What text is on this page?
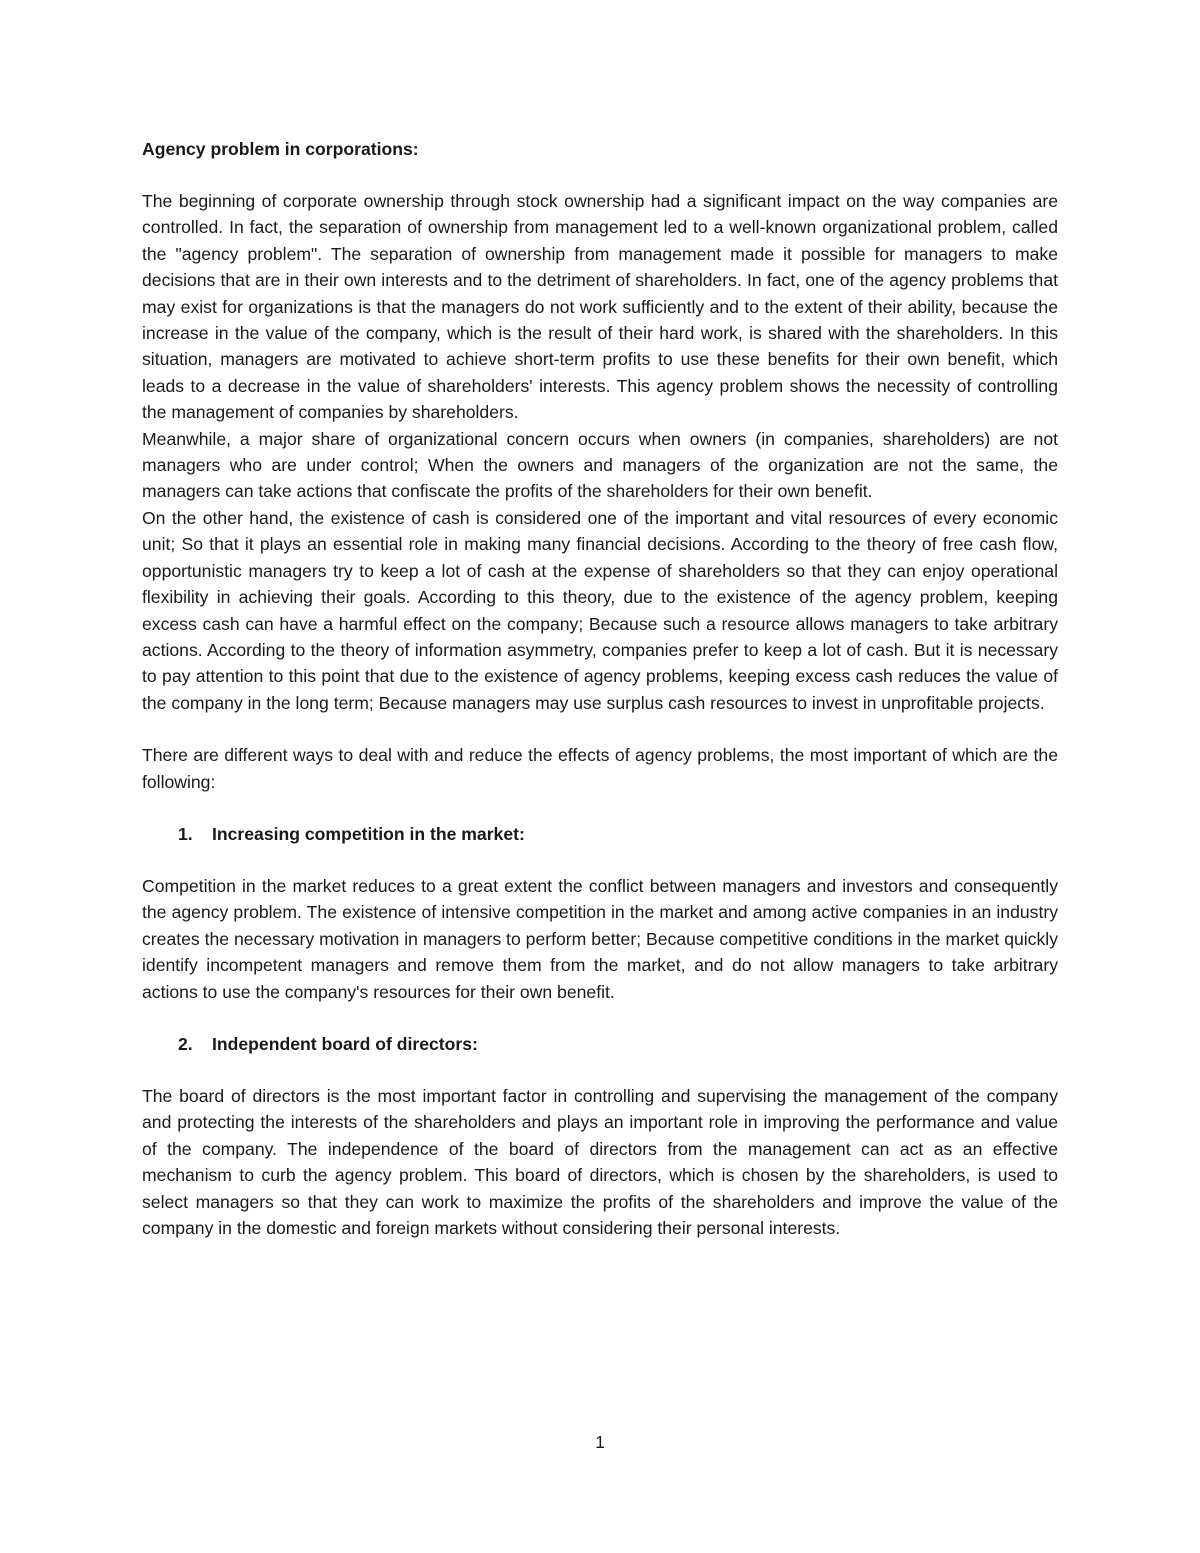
Agency problem in corporations:

The beginning of corporate ownership through stock ownership had a significant impact on the way companies are controlled. In fact, the separation of ownership from management led to a well-known organizational problem, called the "agency problem". The separation of ownership from management made it possible for managers to make decisions that are in their own interests and to the detriment of shareholders. In fact, one of the agency problems that may exist for organizations is that the managers do not work sufficiently and to the extent of their ability, because the increase in the value of the company, which is the result of their hard work, is shared with the shareholders. In this situation, managers are motivated to achieve short-term profits to use these benefits for their own benefit, which leads to a decrease in the value of shareholders' interests. This agency problem shows the necessity of controlling the management of companies by shareholders.

Meanwhile, a major share of organizational concern occurs when owners (in companies, shareholders) are not managers who are under control; When the owners and managers of the organization are not the same, the managers can take actions that confiscate the profits of the shareholders for their own benefit.

On the other hand, the existence of cash is considered one of the important and vital resources of every economic unit; So that it plays an essential role in making many financial decisions. According to the theory of free cash flow, opportunistic managers try to keep a lot of cash at the expense of shareholders so that they can enjoy operational flexibility in achieving their goals. According to this theory, due to the existence of the agency problem, keeping excess cash can have a harmful effect on the company; Because such a resource allows managers to take arbitrary actions. According to the theory of information asymmetry, companies prefer to keep a lot of cash. But it is necessary to pay attention to this point that due to the existence of agency problems, keeping excess cash reduces the value of the company in the long term; Because managers may use surplus cash resources to invest in unprofitable projects.

There are different ways to deal with and reduce the effects of agency problems, the most important of which are the following:

1. Increasing competition in the market:

Competition in the market reduces to a great extent the conflict between managers and investors and consequently the agency problem. The existence of intensive competition in the market and among active companies in an industry creates the necessary motivation in managers to perform better; Because competitive conditions in the market quickly identify incompetent managers and remove them from the market, and do not allow managers to take arbitrary actions to use the company's resources for their own benefit.

2. Independent board of directors:

The board of directors is the most important factor in controlling and supervising the management of the company and protecting the interests of the shareholders and plays an important role in improving the performance and value of the company. The independence of the board of directors from the management can act as an effective mechanism to curb the agency problem. This board of directors, which is chosen by the shareholders, is used to select managers so that they can work to maximize the profits of the shareholders and improve the value of the company in the domestic and foreign markets without considering their personal interests.

1
